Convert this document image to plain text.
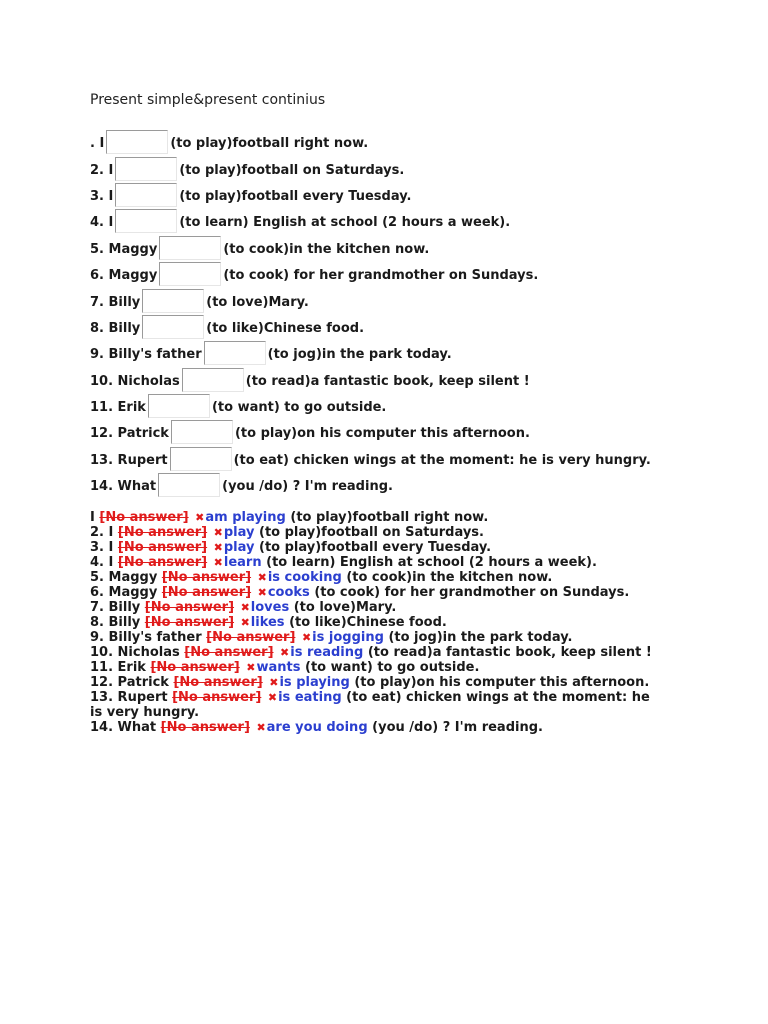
Present simple&present continius
. I	(to play)football right now.
2. I	(to play)football on Saturdays.
3. I	(to play)football every Tuesday.
4. I	(to learn) English at school (2 hours a week).
5. Maggy	(to cook)in the kitchen now.
6. Maggy	(to cook) for her grandmother on Sundays.
7. Billy	(to love)Mary.
8. Billy	(to like)Chinese food.
9. Billy's father	(to jog)in the park today.
10. Nicholas	(to read)a fantastic book, keep silent !
11. Erik	(to want) to go outside.
12. Patrick	(to play)on his computer this afternoon.
13. Rupert	(to eat) chicken wings at the moment: he is very hungry.
14. What	(you /do) ? I'm reading.
I [No answer] ✖am playing (to play)football right now.
2. I [No answer] ✖play (to play)football on Saturdays.
3. I [No answer] ✖play (to play)football every Tuesday.
4. I [No answer] ✖learn (to learn) English at school (2 hours a week).
5. Maggy [No answer] ✖is cooking (to cook)in the kitchen now.
6. Maggy [No answer] ✖cooks (to cook) for her grandmother on Sundays.
7. Billy [No answer] ✖loves (to love)Mary.
8. Billy [No answer] ✖likes (to like)Chinese food.
9. Billy's father [No answer] ✖is jogging (to jog)in the park today.
10. Nicholas [No answer] ✖is reading (to read)a fantastic book, keep silent !
11. Erik [No answer] ✖wants (to want) to go outside.
12. Patrick [No answer] ✖is playing (to play)on his computer this afternoon.
13. Rupert [No answer] ✖is eating (to eat) chicken wings at the moment: he is very hungry.
14. What [No answer] ✖are you doing (you /do) ? I'm reading.
